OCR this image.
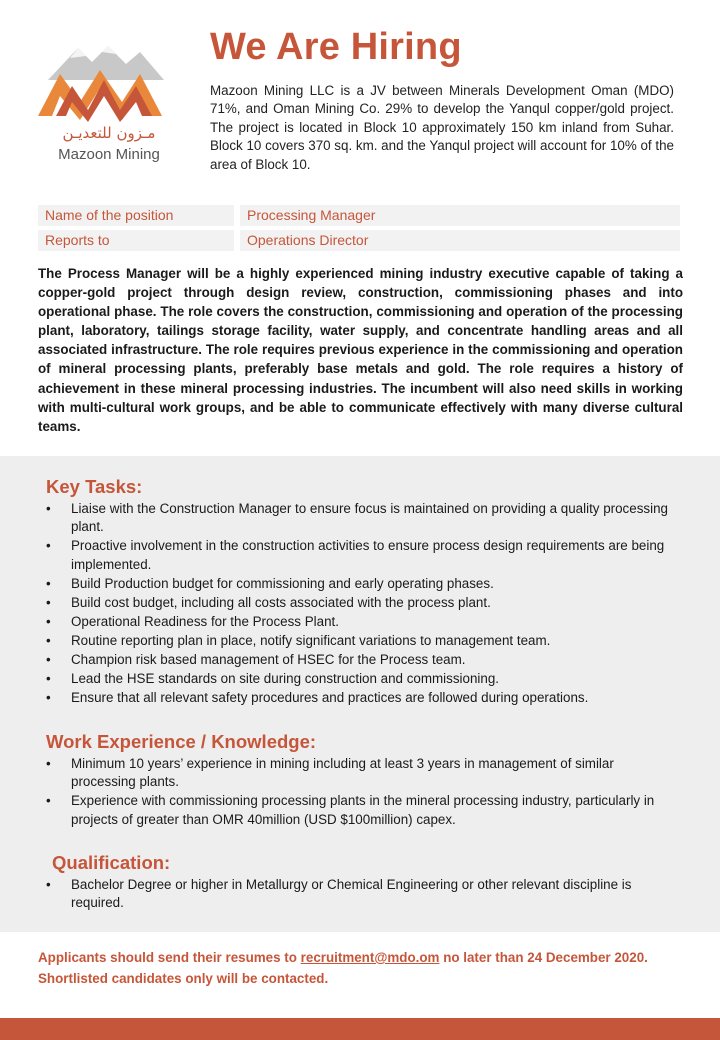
مـزون للتعديـن
Mazoon Mining
We Are Hiring
Mazoon Mining LLC is a JV between Minerals Development Oman (MDO) 71%, and Oman Mining Co. 29% to develop the Yanqul copper/gold project. The project is located in Block 10 approximately 150 km inland from Suhar. Block 10 covers 370 sq. km. and the Yanqul project will account for 10% of the area of Block 10.
Name of the position	Processing Manager
Reports to	Operations Director
The Process Manager will be a highly experienced mining industry executive capable of taking a copper-gold project through design review, construction, commissioning phases and into operational phase. The role covers the construction, commissioning and operation of the processing plant, laboratory, tailings storage facility, water supply, and concentrate handling areas and all associated infrastructure. The role requires previous experience in the commissioning and operation of mineral processing plants, preferably base metals and gold. The role requires a history of achievement in these mineral processing industries. The incumbent will also need skills in working with multi-cultural work groups, and be able to communicate effectively with many diverse cultural teams.
Key Tasks:
•	Liaise with the Construction Manager to ensure focus is maintained on providing a quality processing plant.
•	Proactive involvement in the construction activities to ensure process design requirements are being implemented.
•	Build Production budget for commissioning and early operating phases.
•	Build cost budget, including all costs associated with the process plant.
•	Operational Readiness for the Process Plant.
•	Routine reporting plan in place, notify significant variations to management team.
•	Champion risk based management of HSEC for the Process team.
•	Lead the HSE standards on site during construction and commissioning.
•	Ensure that all relevant safety procedures and practices are followed during operations.
Work Experience / Knowledge:
•	Minimum 10 years’ experience in mining including at least 3 years in management of similar processing plants.
•	Experience with commissioning processing plants in the mineral processing industry, particularly in projects of greater than OMR 40million (USD $100million) capex.
Qualification:
•	Bachelor Degree or higher in Metallurgy or Chemical Engineering or other relevant discipline is required.
Applicants should send their resumes to recruitment@mdo.om no later than 24 December 2020.
Shortlisted candidates only will be contacted.
